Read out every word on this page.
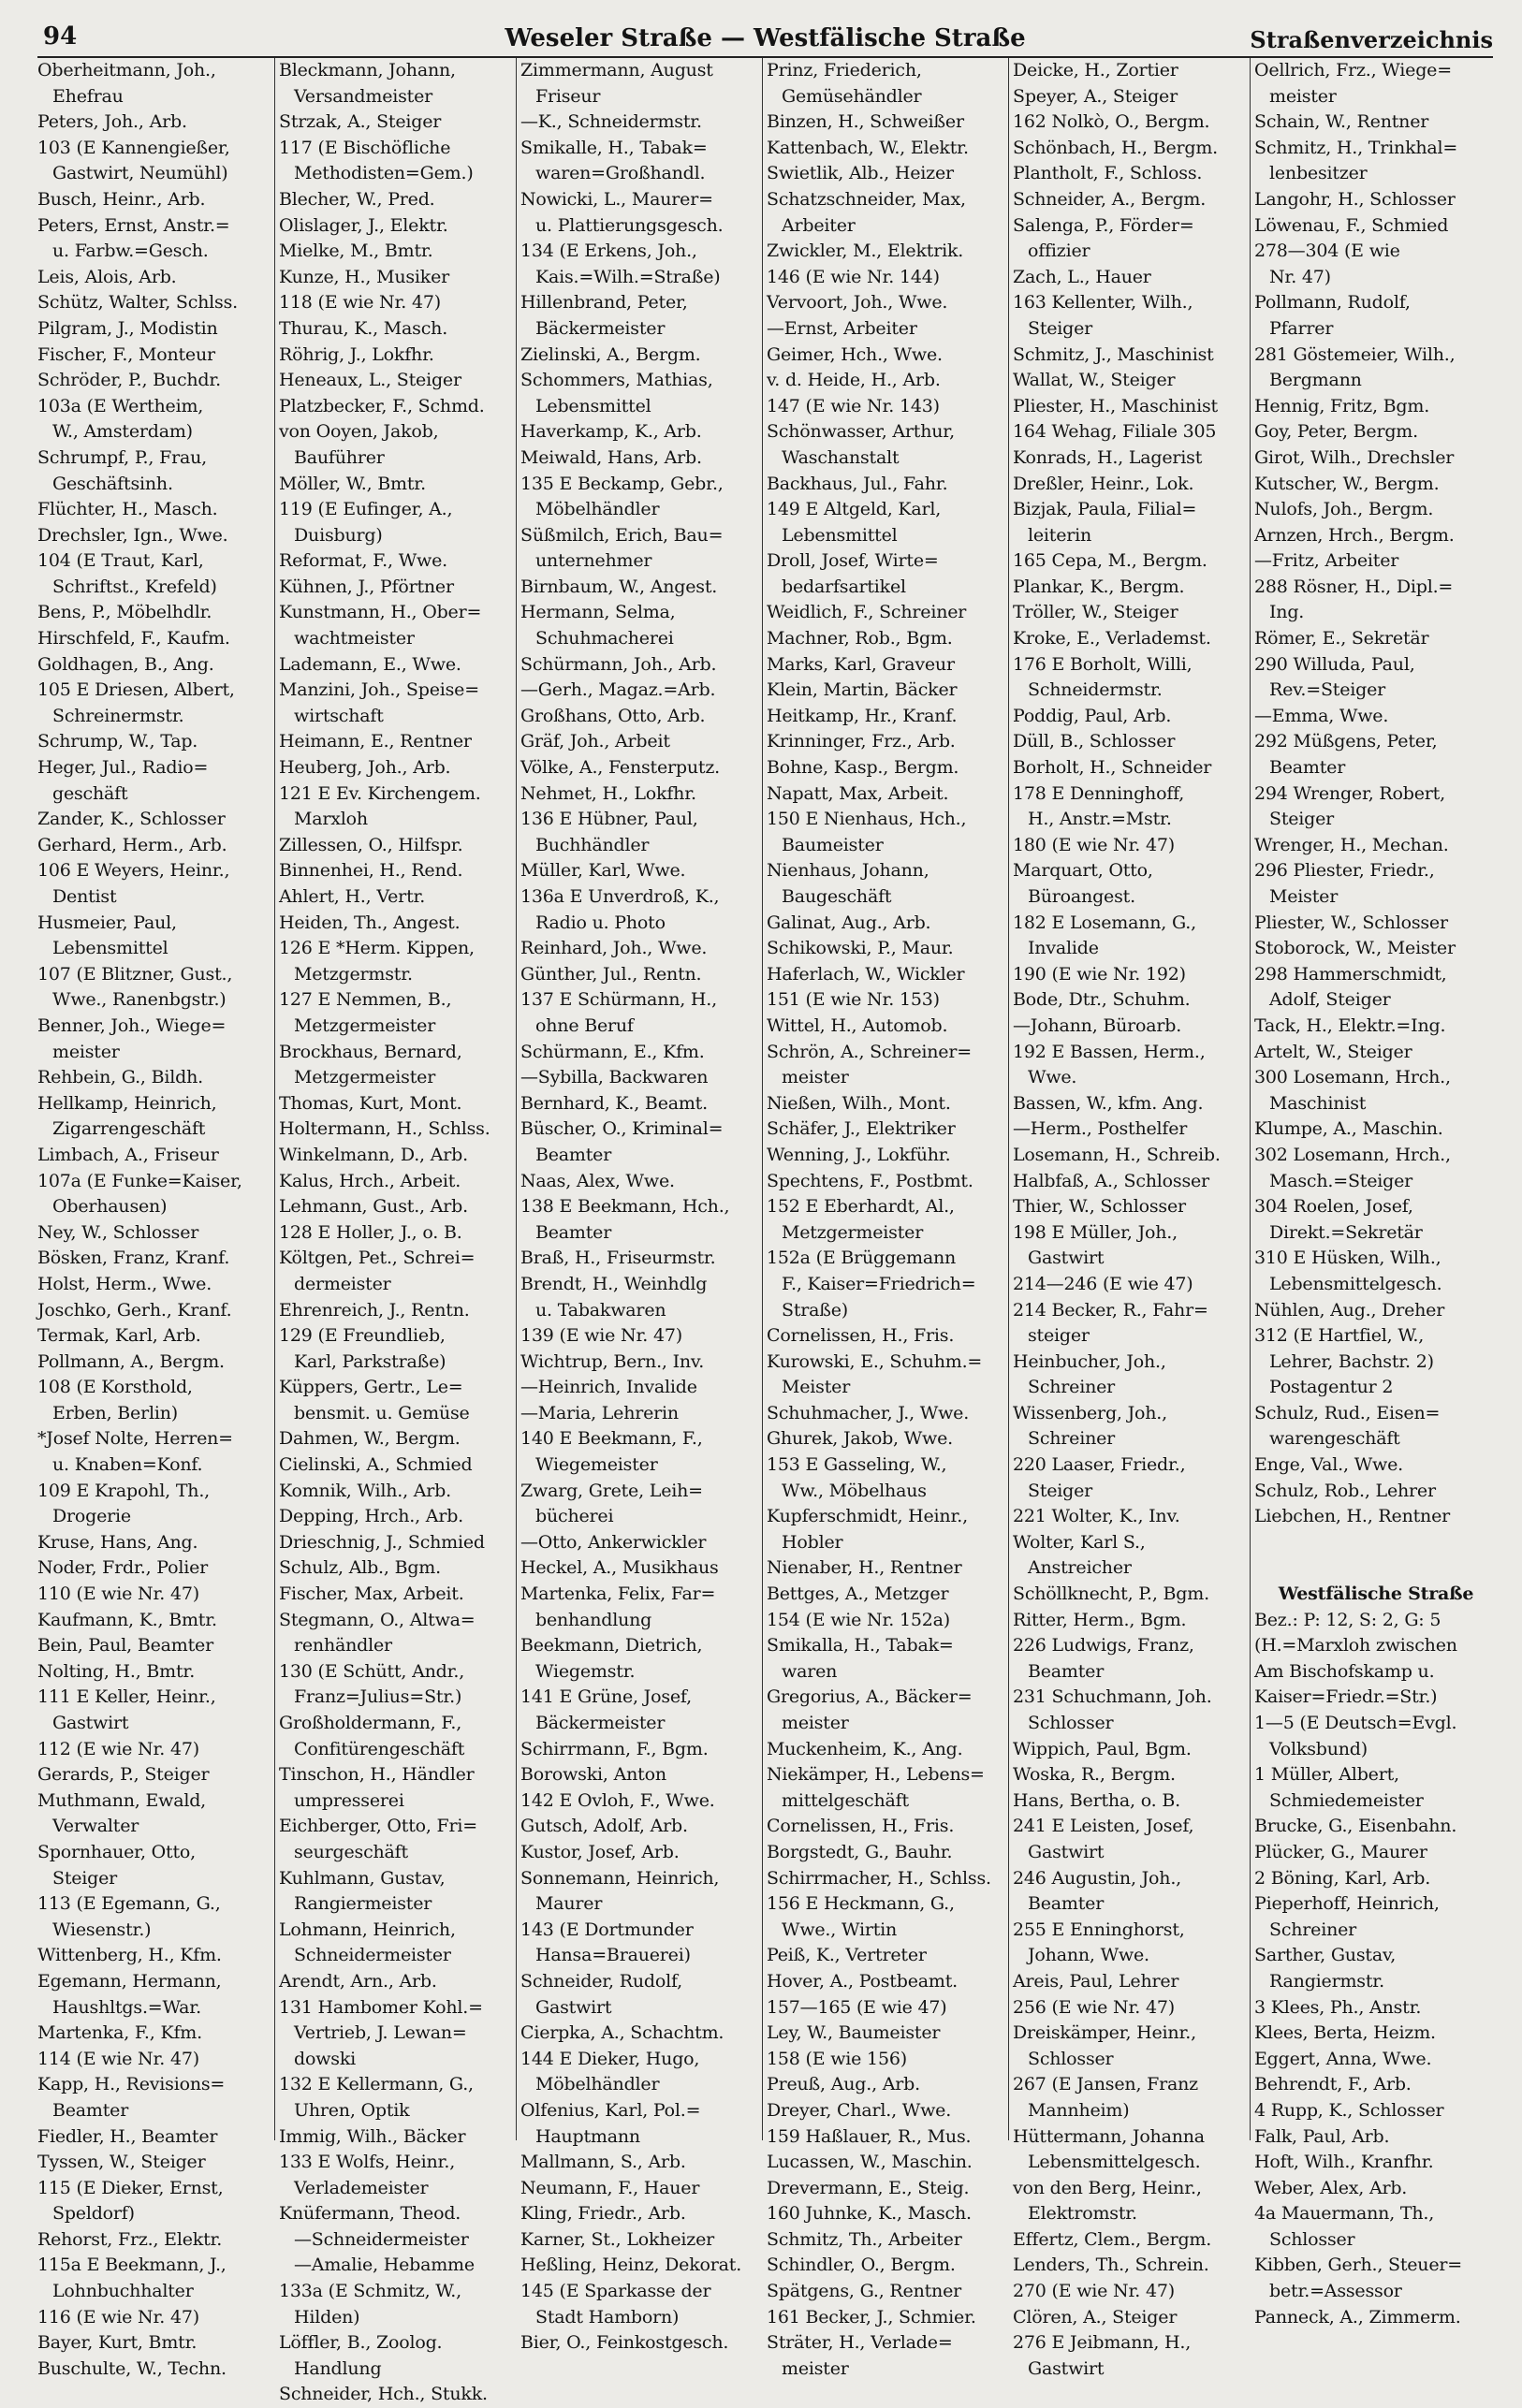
94	Weseler Straße — Westfälische Straße	Straßenverzeichnis
Oberheitmann, Joh.,
Ehefrau
Peters, Joh., Arb.
103 (E Kannengießer,
Gastwirt, Neumühl)
Busch, Heinr., Arb.
Peters, Ernst, Anstr.=
u. Farbw.=Gesch.
Leis, Alois, Arb.
Schütz, Walter, Schlss.
Pilgram, J., Modistin
Fischer, F., Monteur
Schröder, P., Buchdr.
103a (E Wertheim,
W., Amsterdam)
Schrumpf, P., Frau,
Geschäftsinh.
Flüchter, H., Masch.
Drechsler, Ign., Wwe.
104 (E Traut, Karl,
Schriftst., Krefeld)
Bens, P., Möbelhdlr.
Hirschfeld, F., Kaufm.
Goldhagen, B., Ang.
105 E Driesen, Albert,
Schreinermstr.
Schrump, W., Tap.
Heger, Jul., Radio=
geschäft
Zander, K., Schlosser
Gerhard, Herm., Arb.
106 E Weyers, Heinr.,
Dentist
Husmeier, Paul,
Lebensmittel
107 (E Blitzner, Gust.,
Wwe., Ranenbgstr.)
Benner, Joh., Wiege=
meister
Rehbein, G., Bildh.
Hellkamp, Heinrich,
Zigarrengeschäft
Limbach, A., Friseur
107a (E Funke=Kaiser,
Oberhausen)
Ney, W., Schlosser
Bösken, Franz, Kranf.
Holst, Herm., Wwe.
Joschko, Gerh., Kranf.
Termak, Karl, Arb.
Pollmann, A., Bergm.
108 (E Korsthold,
Erben, Berlin)
*Josef Nolte, Herren=
u. Knaben=Konf.
109 E Krapohl, Th.,
Drogerie
Kruse, Hans, Ang.
Noder, Frdr., Polier
110 (E wie Nr. 47)
Kaufmann, K., Bmtr.
Bein, Paul, Beamter
Nolting, H., Bmtr.
111 E Keller, Heinr.,
Gastwirt
112 (E wie Nr. 47)
Gerards, P., Steiger
Muthmann, Ewald,
Verwalter
Spornhauer, Otto,
Steiger
113 (E Egemann, G.,
Wiesenstr.)
Wittenberg, H., Kfm.
Egemann, Hermann,
Haushltgs.=War.
Martenka, F., Kfm.
114 (E wie Nr. 47)
Kapp, H., Revisions=
Beamter
Fiedler, H., Beamter
Tyssen, W., Steiger
115 (E Dieker, Ernst,
Speldorf)
Rehorst, Frz., Elektr.
115a E Beekmann, J.,
Lohnbuchhalter
116 (E wie Nr. 47)
Bayer, Kurt, Bmtr.
Buschulte, W., Techn.
Bleckmann, Johann,
Versandmeister
Strzak, A., Steiger
117 (E Bischöfliche
Methodisten=Gem.)
Blecher, W., Pred.
Olislager, J., Elektr.
Mielke, M., Bmtr.
Kunze, H., Musiker
118 (E wie Nr. 47)
Thurau, K., Masch.
Röhrig, J., Lokfhr.
Heneaux, L., Steiger
Platzbecker, F., Schmd.
von Ooyen, Jakob,
Bauführer
Möller, W., Bmtr.
119 (E Eufinger, A.,
Duisburg)
Reformat, F., Wwe.
Kühnen, J., Pförtner
Kunstmann, H., Ober=
wachtmeister
Lademann, E., Wwe.
Manzini, Joh., Speise=
wirtschaft
Heimann, E., Rentner
Heuberg, Joh., Arb.
121 E Ev. Kirchengem.
Marxloh
Zillessen, O., Hilfspr.
Binnenhei, H., Rend.
Ahlert, H., Vertr.
Heiden, Th., Angest.
126 E *Herm. Kippen,
Metzgermstr.
127 E Nemmen, B.,
Metzgermeister
Brockhaus, Bernard,
Metzgermeister
Thomas, Kurt, Mont.
Holtermann, H., Schlss.
Winkelmann, D., Arb.
Kalus, Hrch., Arbeit.
Lehmann, Gust., Arb.
128 E Holler, J., o. B.
Költgen, Pet., Schrei=
dermeister
Ehrenreich, J., Rentn.
129 (E Freundlieb,
Karl, Parkstraße)
Küppers, Gertr., Le=
bensmit. u. Gemüse
Dahmen, W., Bergm.
Cielinski, A., Schmied
Komnik, Wilh., Arb.
Depping, Hrch., Arb.
Drieschnig, J., Schmied
Schulz, Alb., Bgm.
Fischer, Max, Arbeit.
Stegmann, O., Altwa=
renhändler
130 (E Schütt, Andr.,
Franz=Julius=Str.)
Großholdermann, F.,
Confitürengeschäft
Tinschon, H., Händler
umpresserei
Eichberger, Otto, Fri=
seurgeschäft
Kuhlmann, Gustav,
Rangiermeister
Lohmann, Heinrich,
Schneidermeister
Arendt, Arn., Arb.
131 Hambomer Kohl.=
Vertrieb, J. Lewan=
dowski
132 E Kellermann, G.,
Uhren, Optik
Immig, Wilh., Bäcker
133 E Wolfs, Heinr.,
Verlademeister
Knüfermann, Theod.
—Schneidermeister
—Amalie, Hebamme
133a (E Schmitz, W.,
Hilden)
Löffler, B., Zoolog.
Handlung
Schneider, Hch., Stukk.
Zimmermann, August
Friseur
—K., Schneidermstr.
Smikalle, H., Tabak=
waren=Großhandl.
Nowicki, L., Maurer=
u. Plattierungsgesch.
134 (E Erkens, Joh.,
Kais.=Wilh.=Straße)
Hillenbrand, Peter,
Bäckermeister
Zielinski, A., Bergm.
Schommers, Mathias,
Lebensmittel
Haverkamp, K., Arb.
Meiwald, Hans, Arb.
135 E Beckamp, Gebr.,
Möbelhändler
Süßmilch, Erich, Bau=
unternehmer
Birnbaum, W., Angest.
Hermann, Selma,
Schuhmacherei
Schürmann, Joh., Arb.
—Gerh., Magaz.=Arb.
Großhans, Otto, Arb.
Gräf, Joh., Arbeit
Völke, A., Fensterputz.
Nehmet, H., Lokfhr.
136 E Hübner, Paul,
Buchhändler
Müller, Karl, Wwe.
136a E Unverdroß, K.,
Radio u. Photo
Reinhard, Joh., Wwe.
Günther, Jul., Rentn.
137 E Schürmann, H.,
ohne Beruf
Schürmann, E., Kfm.
—Sybilla, Backwaren
Bernhard, K., Beamt.
Büscher, O., Kriminal=
Beamter
Naas, Alex, Wwe.
138 E Beekmann, Hch.,
Beamter
Braß, H., Friseurmstr.
Brendt, H., Weinhdlg
u. Tabakwaren
139 (E wie Nr. 47)
Wichtrup, Bern., Inv.
—Heinrich, Invalide
—Maria, Lehrerin
140 E Beekmann, F.,
Wiegemeister
Zwarg, Grete, Leih=
bücherei
—Otto, Ankerwickler
Heckel, A., Musikhaus
Martenka, Felix, Far=
benhandlung
Beekmann, Dietrich,
Wiegemstr.
141 E Grüne, Josef,
Bäckermeister
Schirrmann, F., Bgm.
Borowski, Anton
142 E Ovloh, F., Wwe.
Gutsch, Adolf, Arb.
Kustor, Josef, Arb.
Sonnemann, Heinrich,
Maurer
143 (E Dortmunder
Hansa=Brauerei)
Schneider, Rudolf,
Gastwirt
Cierpka, A., Schachtm.
144 E Dieker, Hugo,
Möbelhändler
Olfenius, Karl, Pol.=
Hauptmann
Mallmann, S., Arb.
Neumann, F., Hauer
Kling, Friedr., Arb.
Karner, St., Lokheizer
Heßling, Heinz, Dekorat.
145 (E Sparkasse der
Stadt Hamborn)
Bier, O., Feinkostgesch.
Prinz, Friederich,
Gemüsehändler
Binzen, H., Schweißer
Kattenbach, W., Elektr.
Swietlik, Alb., Heizer
Schatzschneider, Max,
Arbeiter
Zwickler, M., Elektrik.
146 (E wie Nr. 144)
Vervoort, Joh., Wwe.
—Ernst, Arbeiter
Geimer, Hch., Wwe.
v. d. Heide, H., Arb.
147 (E wie Nr. 143)
Schönwasser, Arthur,
Waschanstalt
Backhaus, Jul., Fahr.
149 E Altgeld, Karl,
Lebensmittel
Droll, Josef, Wirte=
bedarfsartikel
Weidlich, F., Schreiner
Machner, Rob., Bgm.
Marks, Karl, Graveur
Klein, Martin, Bäcker
Heitkamp, Hr., Kranf.
Krinninger, Frz., Arb.
Bohne, Kasp., Bergm.
Napatt, Max, Arbeit.
150 E Nienhaus, Hch.,
Baumeister
Nienhaus, Johann,
Baugeschäft
Galinat, Aug., Arb.
Schikowski, P., Maur.
Haferlach, W., Wickler
151 (E wie Nr. 153)
Wittel, H., Automob.
Schrön, A., Schreiner=
meister
Nießen, Wilh., Mont.
Schäfer, J., Elektriker
Wenning, J., Lokführ.
Spechtens, F., Postbmt.
152 E Eberhardt, Al.,
Metzgermeister
152a (E Brüggemann
F., Kaiser=Friedrich=
Straße)
Cornelissen, H., Fris.
Kurowski, E., Schuhm.=
Meister
Schuhmacher, J., Wwe.
Ghurek, Jakob, Wwe.
153 E Gasseling, W.,
Ww., Möbelhaus
Kupferschmidt, Heinr.,
Hobler
Nienaber, H., Rentner
Bettges, A., Metzger
154 (E wie Nr. 152a)
Smikalla, H., Tabak=
waren
Gregorius, A., Bäcker=
meister
Muckenheim, K., Ang.
Niekämper, H., Lebens=
mittelgeschäft
Cornelissen, H., Fris.
Borgstedt, G., Bauhr.
Schirrmacher, H., Schlss.
156 E Heckmann, G.,
Wwe., Wirtin
Peiß, K., Vertreter
Hover, A., Postbeamt.
157—165 (E wie 47)
Ley, W., Baumeister
158 (E wie 156)
Preuß, Aug., Arb.
Dreyer, Charl., Wwe.
159 Haßlauer, R., Mus.
Lucassen, W., Maschin.
Drevermann, E., Steig.
160 Juhnke, K., Masch.
Schmitz, Th., Arbeiter
Schindler, O., Bergm.
Spätgens, G., Rentner
161 Becker, J., Schmier.
Sträter, H., Verlade=
meister
Deicke, H., Zortier
Speyer, A., Steiger
162 Nolkò, O., Bergm.
Schönbach, H., Bergm.
Plantholt, F., Schloss.
Schneider, A., Bergm.
Salenga, P., Förder=
offizier
Zach, L., Hauer
163 Kellenter, Wilh.,
Steiger
Schmitz, J., Maschinist
Wallat, W., Steiger
Pliester, H., Maschinist
164 Wehag, Filiale 305
Konrads, H., Lagerist
Dreßler, Heinr., Lok.
Bizjak, Paula, Filial=
leiterin
165 Cepa, M., Bergm.
Plankar, K., Bergm.
Tröller, W., Steiger
Kroke, E., Verlademst.
176 E Borholt, Willi,
Schneidermstr.
Poddig, Paul, Arb.
Düll, B., Schlosser
Borholt, H., Schneider
178 E Denninghoff,
H., Anstr.=Mstr.
180 (E wie Nr. 47)
Marquart, Otto,
Büroangest.
182 E Losemann, G.,
Invalide
190 (E wie Nr. 192)
Bode, Dtr., Schuhm.
—Johann, Büroarb.
192 E Bassen, Herm.,
Wwe.
Bassen, W., kfm. Ang.
—Herm., Posthelfer
Losemann, H., Schreib.
Halbfaß, A., Schlosser
Thier, W., Schlosser
198 E Müller, Joh.,
Gastwirt
214—246 (E wie 47)
214 Becker, R., Fahr=
steiger
Heinbucher, Joh.,
Schreiner
Wissenberg, Joh.,
Schreiner
220 Laaser, Friedr.,
Steiger
221 Wolter, K., Inv.
Wolter, Karl S.,
Anstreicher
Schöllknecht, P., Bgm.
Ritter, Herm., Bgm.
226 Ludwigs, Franz,
Beamter
231 Schuchmann, Joh.
Schlosser
Wippich, Paul, Bgm.
Woska, R., Bergm.
Hans, Bertha, o. B.
241 E Leisten, Josef,
Gastwirt
246 Augustin, Joh.,
Beamter
255 E Enninghorst,
Johann, Wwe.
Areis, Paul, Lehrer
256 (E wie Nr. 47)
Dreiskämper, Heinr.,
Schlosser
267 (E Jansen, Franz
Mannheim)
Hüttermann, Johanna
Lebensmittelgesch.
von den Berg, Heinr.,
Elektromstr.
Effertz, Clem., Bergm.
Lenders, Th., Schrein.
270 (E wie Nr. 47)
Clören, A., Steiger
276 E Jeibmann, H.,
Gastwirt
Oellrich, Frz., Wiege=
meister
Schain, W., Rentner
Schmitz, H., Trinkhal=
lenbesitzer
Langohr, H., Schlosser
Löwenau, F., Schmied
278—304 (E wie
Nr. 47)
Pollmann, Rudolf,
Pfarrer
281 Göstemeier, Wilh.,
Bergmann
Hennig, Fritz, Bgm.
Goy, Peter, Bergm.
Girot, Wilh., Drechsler
Kutscher, W., Bergm.
Nulofs, Joh., Bergm.
Arnzen, Hrch., Bergm.
—Fritz, Arbeiter
288 Rösner, H., Dipl.=
Ing.
Römer, E., Sekretär
290 Willuda, Paul,
Rev.=Steiger
—Emma, Wwe.
292 Müßgens, Peter,
Beamter
294 Wrenger, Robert,
Steiger
Wrenger, H., Mechan.
296 Pliester, Friedr.,
Meister
Pliester, W., Schlosser
Stoborock, W., Meister
298 Hammerschmidt,
Adolf, Steiger
Tack, H., Elektr.=Ing.
Artelt, W., Steiger
300 Losemann, Hrch.,
Maschinist
Klumpe, A., Maschin.
302 Losemann, Hrch.,
Masch.=Steiger
304 Roelen, Josef,
Direkt.=Sekretär
310 E Hüsken, Wilh.,
Lebensmittelgesch.
Nühlen, Aug., Dreher
312 (E Hartfiel, W.,
Lehrer, Bachstr. 2)
Postagentur 2
Schulz, Rud., Eisen=
warengeschäft
Enge, Val., Wwe.
Schulz, Rob., Lehrer
Liebchen, H., Rentner
Westfälische Straße
Bez.: P: 12, S: 2, G: 5
(H.=Marxloh zwischen
Am Bischofskamp u.
Kaiser=Friedr.=Str.)
1—5 (E Deutsch=Evgl.
Volksbund)
1 Müller, Albert,
Schmiedemeister
Brucke, G., Eisenbahn.
Plücker, G., Maurer
2 Böning, Karl, Arb.
Pieperhoff, Heinrich,
Schreiner
Sarther, Gustav,
Rangiermstr.
3 Klees, Ph., Anstr.
Klees, Berta, Heizm.
Eggert, Anna, Wwe.
Behrendt, F., Arb.
4 Rupp, K., Schlosser
Falk, Paul, Arb.
Hoft, Wilh., Kranfhr.
Weber, Alex, Arb.
4a Mauermann, Th.,
Schlosser
Kibben, Gerh., Steuer=
betr.=Assessor
Panneck, A., Zimmerm.
